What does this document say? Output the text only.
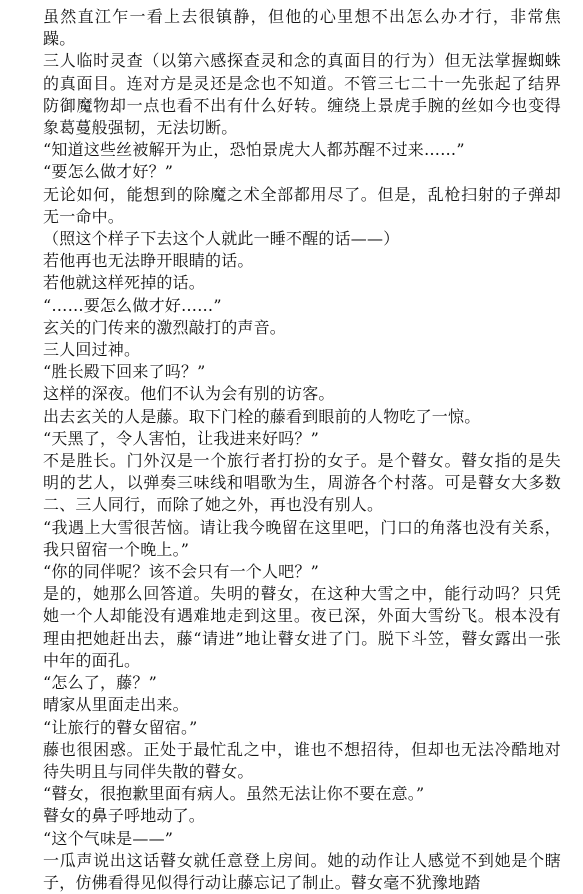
虽然直江乍一看上去很镇静，但他的心里想不出怎么办才行，非常焦躁。

三人临时灵查（以第六感探查灵和念的真面目的行为）但无法掌握蜘蛛的真面目。连对方是灵还是念也不知道。不管三七二十一先张起了结界防御魔物却一点也看不出有什么好转。缠绕上景虎手腕的丝如今也变得象葛蔓般强韧，无法切断。

“知道这些丝被解开为止，恐怕景虎大人都苏醒不过来……”

“要怎么做才好？”

无论如何，能想到的除魔之术全部都用尽了。但是，乱枪扫射的子弹却无一命中。

（照这个样子下去这个人就此一睡不醒的话——）

若他再也无法睁开眼睛的话。

若他就这样死掉的话。

“……要怎么做才好……”

玄关的门传来的激烈敲打的声音。

三人回过神。

“胜长殿下回来了吗？”

这样的深夜。他们不认为会有别的访客。

出去玄关的人是藤。取下门栓的藤看到眼前的人物吃了一惊。

“天黑了，令人害怕，让我进来好吗？”

不是胜长。门外汉是一个旅行者打扮的女子。是个瞽女。瞽女指的是失明的艺人，以弹奏三味线和唱歌为生，周游各个村落。可是瞽女大多数二、三人同行，而除了她之外，再也没有别人。

“我遇上大雪很苦恼。请让我今晚留在这里吧，门口的角落也没有关系，我只留宿一个晚上。”

“你的同伴呢？该不会只有一个人吧？”

是的，她那么回答道。失明的瞽女，在这种大雪之中，能行动吗？只凭她一个人却能没有遇难地走到这里。夜已深，外面大雪纷飞。根本没有理由把她赶出去，藤“请进”地让瞽女进了门。脱下斗笠，瞽女露出一张中年的面孔。

“怎么了，藤？”

晴家从里面走出来。

“让旅行的瞽女留宿。”

藤也很困惑。正处于最忙乱之中，谁也不想招待，但却也无法冷酷地对待失明且与同伴失散的瞽女。

“瞽女，很抱歉里面有病人。虽然无法让你不要在意。”

瞽女的鼻子呼地动了。

“这个气味是——”

一瓜声说出这话瞽女就任意登上房间。她的动作让人感觉不到她是个瞎子，仿佛看得见似得行动让藤忘记了制止。瞽女毫不犹豫地踏
